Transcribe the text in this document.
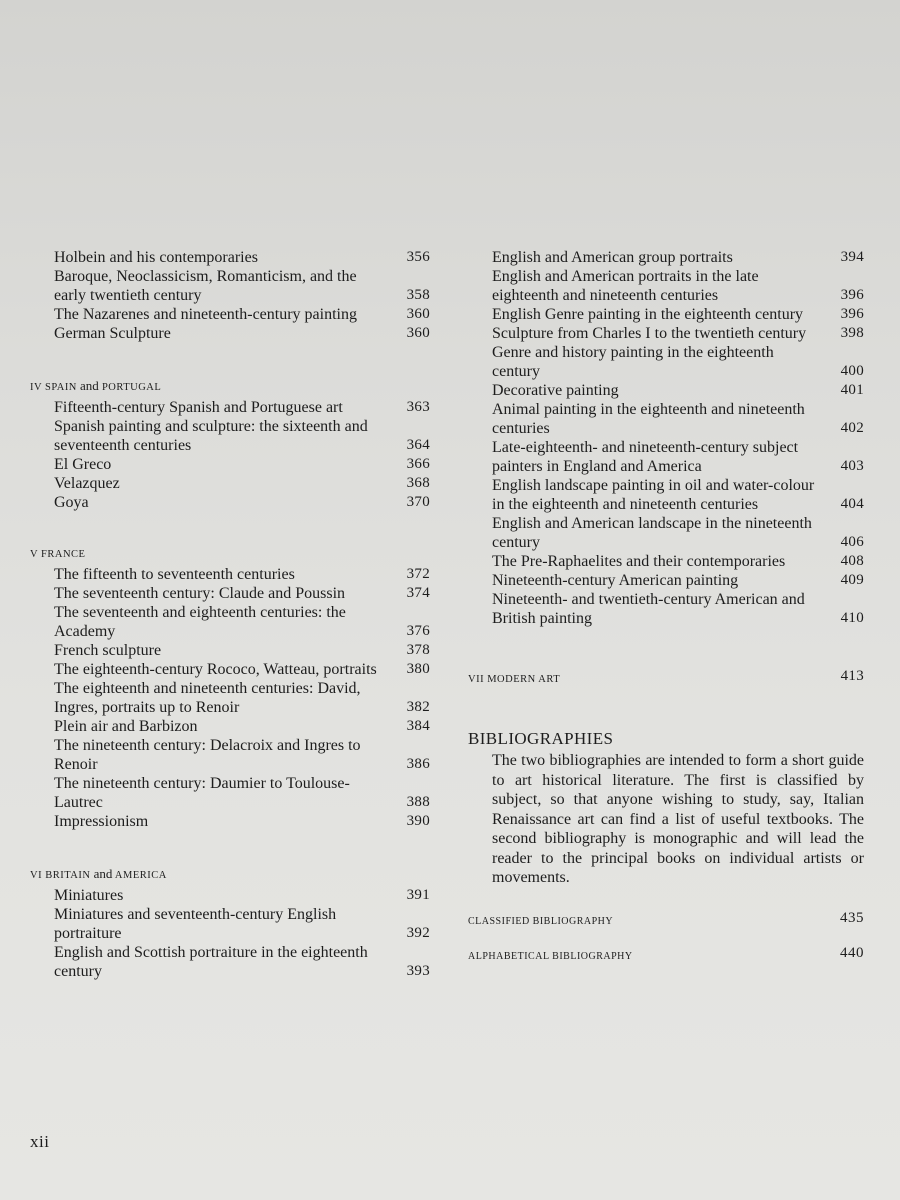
Holbein and his contemporaries	356
Baroque, Neoclassicism, Romanticism, and the early twentieth century	358
The Nazarenes and nineteenth-century painting	360
German Sculpture	360
IV SPAIN and PORTUGAL
Fifteenth-century Spanish and Portuguese art	363
Spanish painting and sculpture: the sixteenth and seventeenth centuries	364
El Greco	366
Velazquez	368
Goya	370
V FRANCE
The fifteenth to seventeenth centuries	372
The seventeenth century: Claude and Poussin	374
The seventeenth and eighteenth centuries: the Academy	376
French sculpture	378
The eighteenth-century Rococo, Watteau, portraits	380
The eighteenth and nineteenth centuries: David, Ingres, portraits up to Renoir	382
Plein air and Barbizon	384
The nineteenth century: Delacroix and Ingres to Renoir	386
The nineteenth century: Daumier to Toulouse-Lautrec	388
Impressionism	390
VI BRITAIN and AMERICA
Miniatures	391
Miniatures and seventeenth-century English portraiture	392
English and Scottish portraiture in the eighteenth century	393
English and American group portraits	394
English and American portraits in the late eighteenth and nineteenth centuries	396
English Genre painting in the eighteenth century	396
Sculpture from Charles I to the twentieth century	398
Genre and history painting in the eighteenth century	400
Decorative painting	401
Animal painting in the eighteenth and nineteenth centuries	402
Late-eighteenth- and nineteenth-century subject painters in England and America	403
English landscape painting in oil and water-colour in the eighteenth and nineteenth centuries	404
English and American landscape in the nineteenth century	406
The Pre-Raphaelites and their contemporaries	408
Nineteenth-century American painting	409
Nineteenth- and twentieth-century American and British painting	410
VII MODERN ART	413
BIBLIOGRAPHIES
The two bibliographies are intended to form a short guide to art historical literature. The first is classified by subject, so that anyone wishing to study, say, Italian Renaissance art can find a list of useful textbooks. The second bibliography is monographic and will lead the reader to the principal books on individual artists or movements.
CLASSIFIED BIBLIOGRAPHY	435
ALPHABETICAL BIBLIOGRAPHY	440
xii
